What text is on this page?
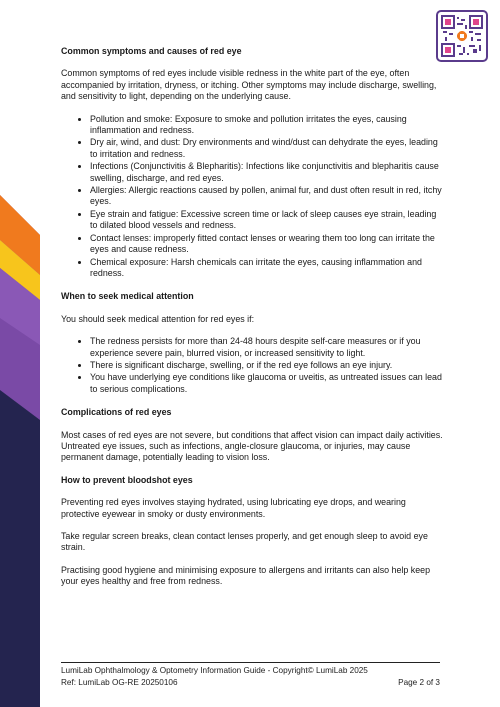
Common symptoms and causes of red eye

Common symptoms of red eyes include visible redness in the white part of the eye, often accompanied by irritation, dryness, or itching. Other symptoms may include discharge, swelling, and sensitivity to light, depending on the underlying cause.

• Pollution and smoke: Exposure to smoke and pollution irritates the eyes, causing inflammation and redness.
• Dry air, wind, and dust: Dry environments and wind/dust can dehydrate the eyes, leading to irritation and redness.
• Infections (Conjunctivitis & Blepharitis): Infections like conjunctivitis and blepharitis cause swelling, discharge, and red eyes.
• Allergies: Allergic reactions caused by pollen, animal fur, and dust often result in red, itchy eyes.
• Eye strain and fatigue: Excessive screen time or lack of sleep causes eye strain, leading to dilated blood vessels and redness.
• Contact lenses: improperly fitted contact lenses or wearing them too long can irritate the eyes and cause redness.
• Chemical exposure: Harsh chemicals can irritate the eyes, causing inflammation and redness.
When to seek medical attention

You should seek medical attention for red eyes if:

• The redness persists for more than 24-48 hours despite self-care measures or if you experience severe pain, blurred vision, or increased sensitivity to light.
• There is significant discharge, swelling, or if the red eye follows an eye injury.
• You have underlying eye conditions like glaucoma or uveitis, as untreated issues can lead to serious complications.
Complications of red eyes

Most cases of red eyes are not severe, but conditions that affect vision can impact daily activities. Untreated eye issues, such as infections, angle-closure glaucoma, or injuries, may cause permanent damage, potentially leading to vision loss.

How to prevent bloodshot eyes

Preventing red eyes involves staying hydrated, using lubricating eye drops, and wearing protective eyewear in smoky or dusty environments.

Take regular screen breaks, clean contact lenses properly, and get enough sleep to avoid eye strain.

Practising good hygiene and minimising exposure to allergens and irritants can also help keep your eyes healthy and free from redness.

LumiLab Ophthalmology & Optometry Information Guide - Copyright© LumiLab 2025
Ref: LumiLab OG-RE 20250106	Page 2 of 3
